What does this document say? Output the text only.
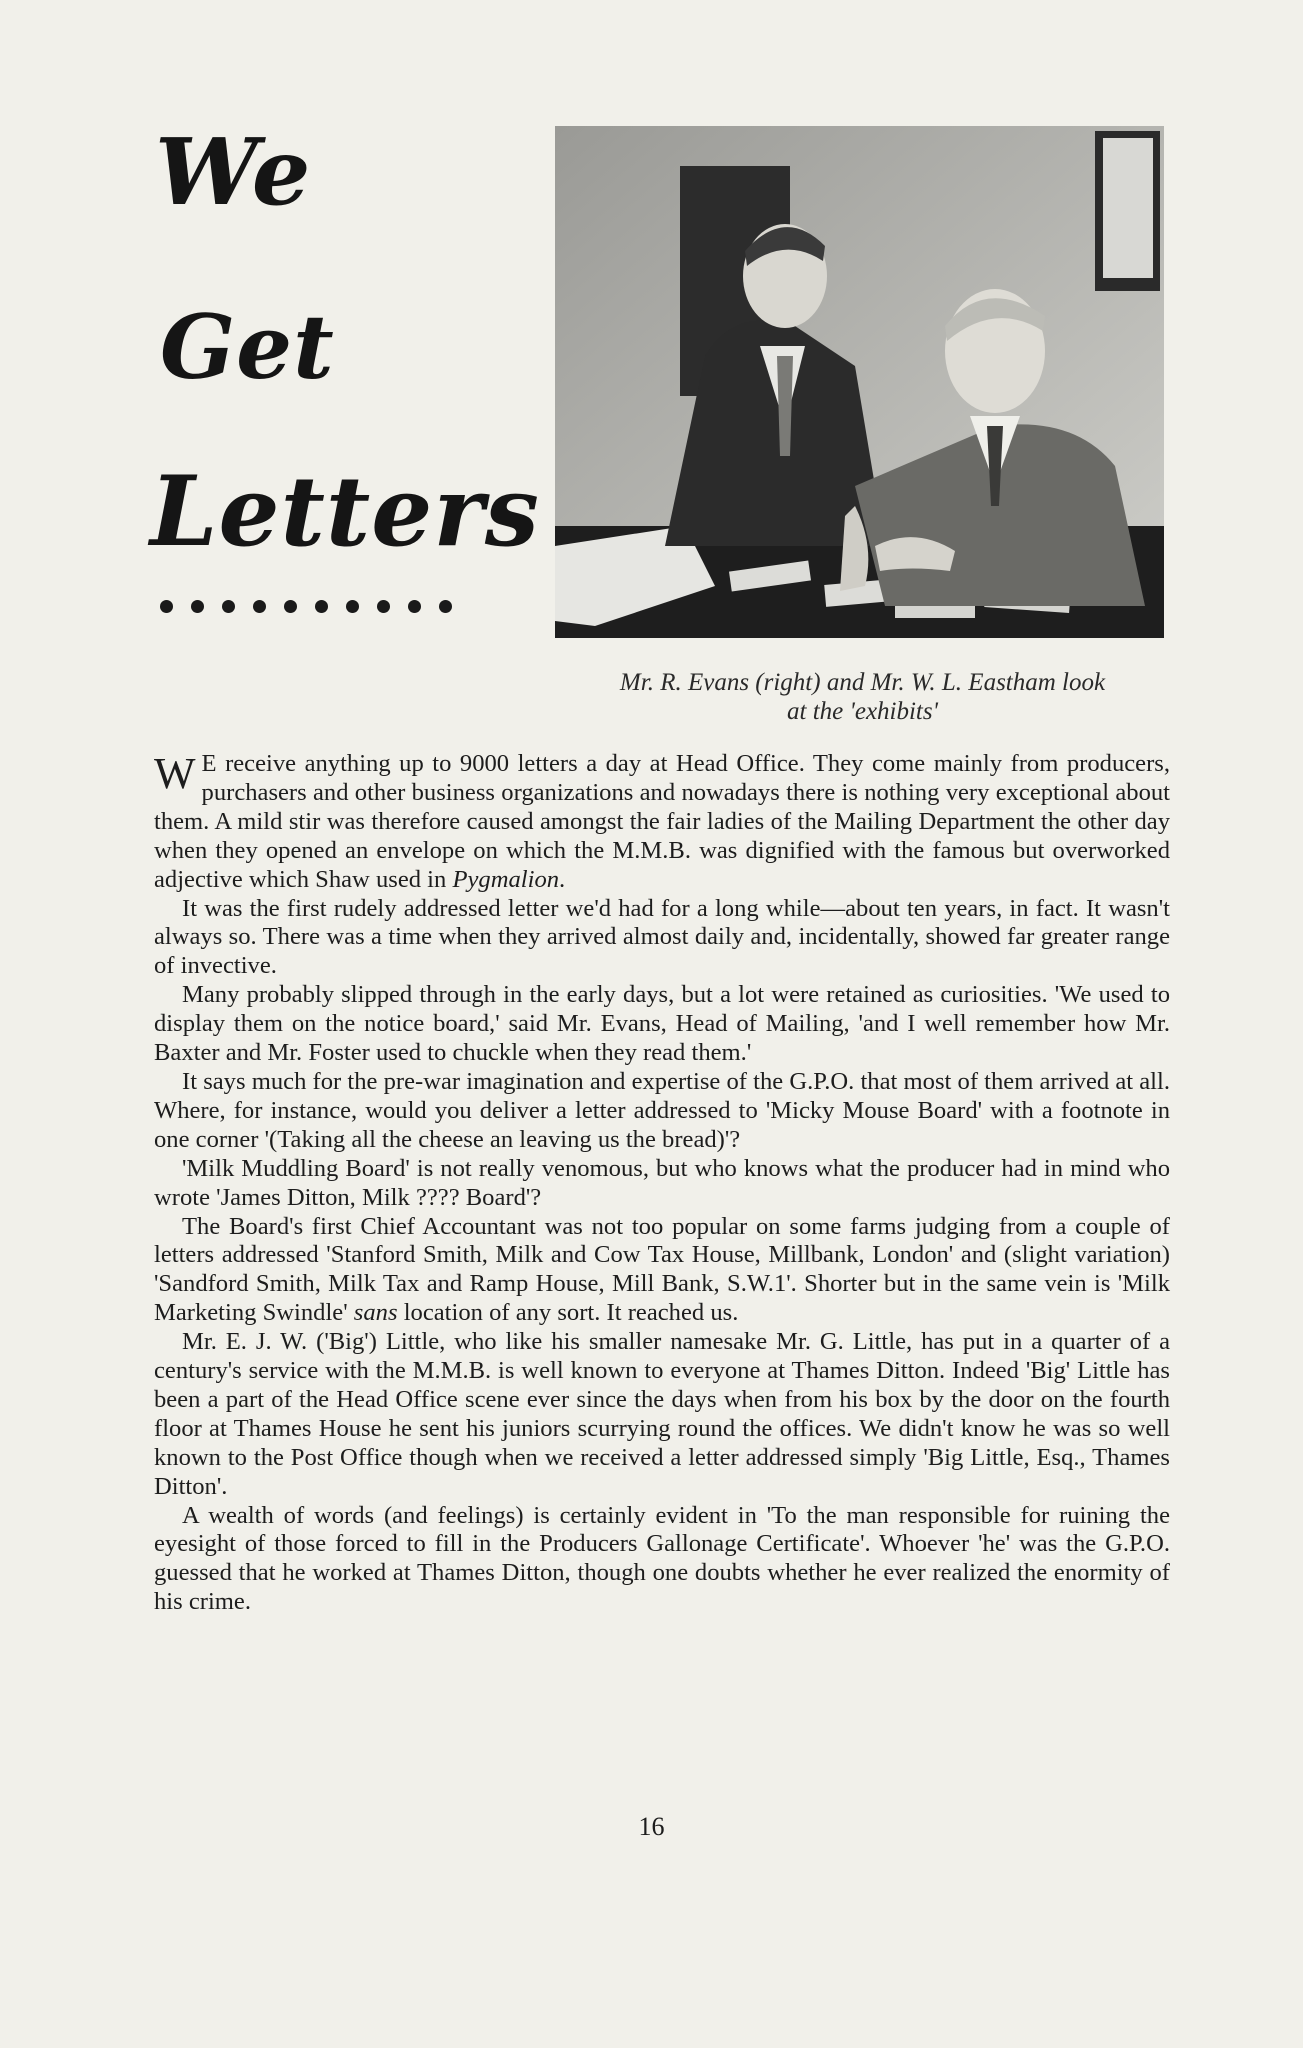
We
Get
Letters
Mr. R. Evans (right) and Mr. W. L. Eastham look
at the 'exhibits'

W E receive anything up to 9000 letters a day at Head Office. They come mainly from producers, purchasers and other business organizations and nowadays there is nothing very exceptional about them. A mild stir was therefore caused amongst the fair ladies of the Mailing Department the other day when they opened an envelope on which the M.M.B. was dignified with the famous but overworked adjective which Shaw used in Pygmalion.

It was the first rudely addressed letter we'd had for a long while—about ten years, in fact. It wasn't always so. There was a time when they arrived almost daily and, incidentally, showed far greater range of invective.

Many probably slipped through in the early days, but a lot were retained as curiosities. 'We used to display them on the notice board,' said Mr. Evans, Head of Mailing, 'and I well remember how Mr. Baxter and Mr. Foster used to chuckle when they read them.'

It says much for the pre-war imagination and expertise of the G.P.O. that most of them arrived at all. Where, for instance, would you deliver a letter addressed to 'Micky Mouse Board' with a footnote in one corner '(Taking all the cheese an leaving us the bread)'?

'Milk Muddling Board' is not really venomous, but who knows what the producer had in mind who wrote 'James Ditton, Milk ???? Board'?

The Board's first Chief Accountant was not too popular on some farms judging from a couple of letters addressed 'Stanford Smith, Milk and Cow Tax House, Millbank, London' and (slight variation) 'Sandford Smith, Milk Tax and Ramp House, Mill Bank, S.W.1'. Shorter but in the same vein is 'Milk Marketing Swindle' sans location of any sort. It reached us.

Mr. E. J. W. ('Big') Little, who like his smaller namesake Mr. G. Little, has put in a quarter of a century's service with the M.M.B. is well known to everyone at Thames Ditton. Indeed 'Big' Little has been a part of the Head Office scene ever since the days when from his box by the door on the fourth floor at Thames House he sent his juniors scurrying round the offices. We didn't know he was so well known to the Post Office though when we received a letter addressed simply 'Big Little, Esq., Thames Ditton'.

A wealth of words (and feelings) is certainly evident in 'To the man responsible for ruining the eyesight of those forced to fill in the Producers Gallonage Certificate'. Whoever 'he' was the G.P.O. guessed that he worked at Thames Ditton, though one doubts whether he ever realized the enormity of his crime.

16
